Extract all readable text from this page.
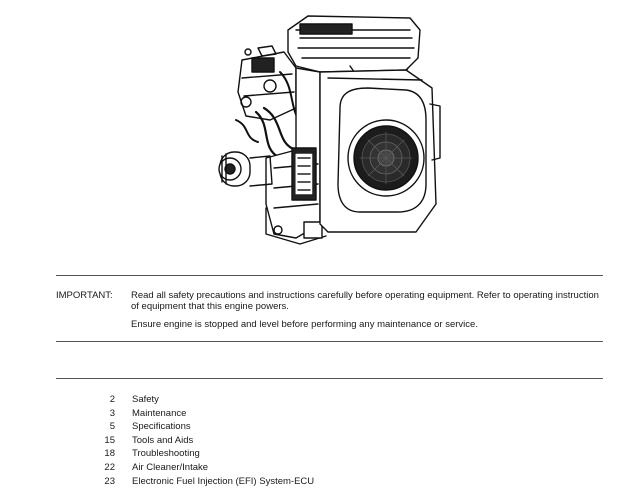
IMPORTANT:	Read all safety precautions and instructions carefully before operating equipment. Refer to operating instruction of equipment that this engine powers.

Ensure engine is stopped and level before performing any maintenance or service.

2 Safety
3 Maintenance
5 Specifications
15 Tools and Aids
18 Troubleshooting
22 Air Cleaner/Intake
23 Electronic Fuel Injection (EFI) System-ECU
